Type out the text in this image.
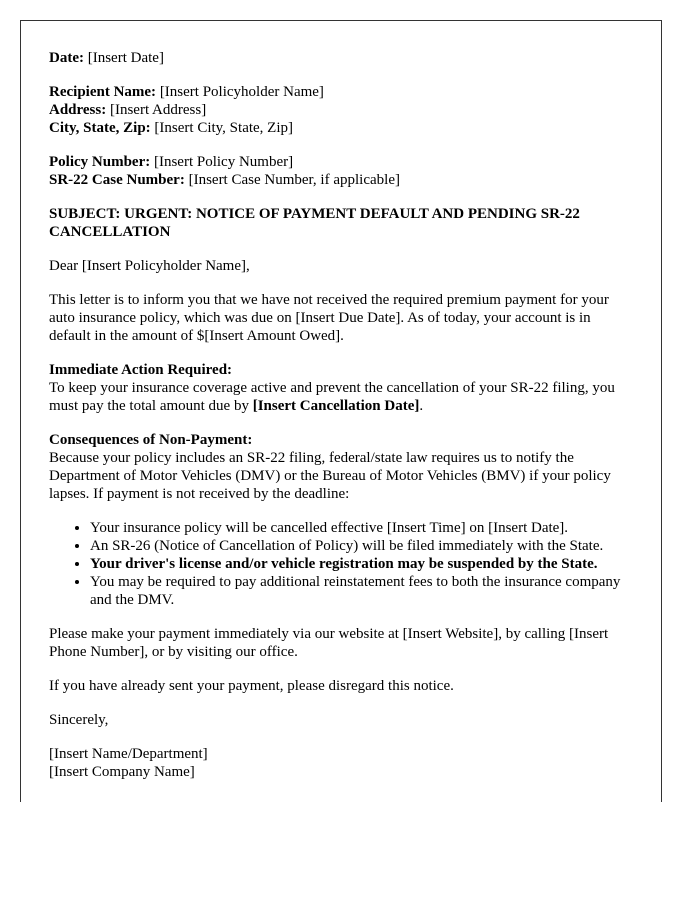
Date: [Insert Date]

Recipient Name: [Insert Policyholder Name]
Address: [Insert Address]
City, State, Zip: [Insert City, State, Zip]

Policy Number: [Insert Policy Number]
SR-22 Case Number: [Insert Case Number, if applicable]

SUBJECT: URGENT: NOTICE OF PAYMENT DEFAULT AND PENDING SR-22 CANCELLATION

Dear [Insert Policyholder Name],

This letter is to inform you that we have not received the required premium payment for your auto insurance policy, which was due on [Insert Due Date]. As of today, your account is in default in the amount of $[Insert Amount Owed].

Immediate Action Required:
To keep your insurance coverage active and prevent the cancellation of your SR-22 filing, you must pay the total amount due by [Insert Cancellation Date].

Consequences of Non-Payment:
Because your policy includes an SR-22 filing, federal/state law requires us to notify the Department of Motor Vehicles (DMV) or the Bureau of Motor Vehicles (BMV) if your policy lapses. If payment is not received by the deadline:

• Your insurance policy will be cancelled effective [Insert Time] on [Insert Date].
• An SR-26 (Notice of Cancellation of Policy) will be filed immediately with the State.
• Your driver's license and/or vehicle registration may be suspended by the State.
• You may be required to pay additional reinstatement fees to both the insurance company and the DMV.

Please make your payment immediately via our website at [Insert Website], by calling [Insert Phone Number], or by visiting our office.

If you have already sent your payment, please disregard this notice.

Sincerely,

[Insert Name/Department]
[Insert Company Name]
